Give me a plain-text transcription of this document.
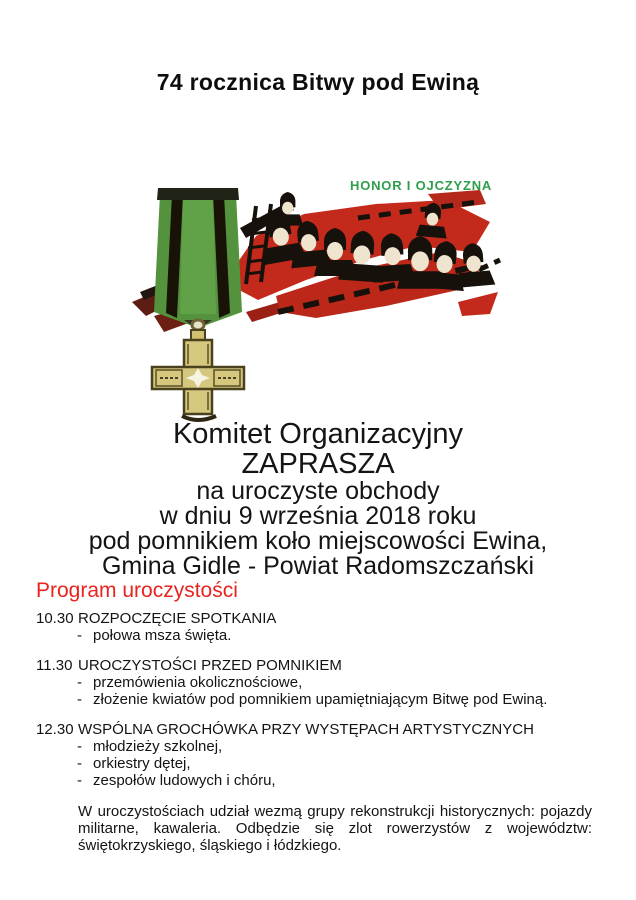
74 rocznica Bitwy pod Ewiną
HONOR I OJCZYZNA
Komitet Organizacyjny
ZAPRASZA
na uroczyste obchody
w dniu 9 września 2018 roku
pod pomnikiem koło miejscowości Ewina,
Gmina Gidle - Powiat Radomszczański
Program uroczystości
10.30 ROZPOCZĘCIE SPOTKANIA
- połowa msza święta.
11.30 UROCZYSTOŚCI PRZED POMNIKIEM
- przemówienia okolicznościowe,
- złożenie kwiatów pod pomnikiem upamiętniającym Bitwę pod Ewiną.
12.30 WSPÓLNA GROCHÓWKA PRZY WYSTĘPACH ARTYSTYCZNYCH
- młodzieży szkolnej,
- orkiestry dętej,
- zespołów ludowych i chóru,

W uroczystościach udział wezmą grupy rekonstrukcji historycznych: pojazdy militarne, kawaleria. Odbędzie się zlot rowerzystów z województw: świętokrzyskiego, śląskiego i łódzkiego.
